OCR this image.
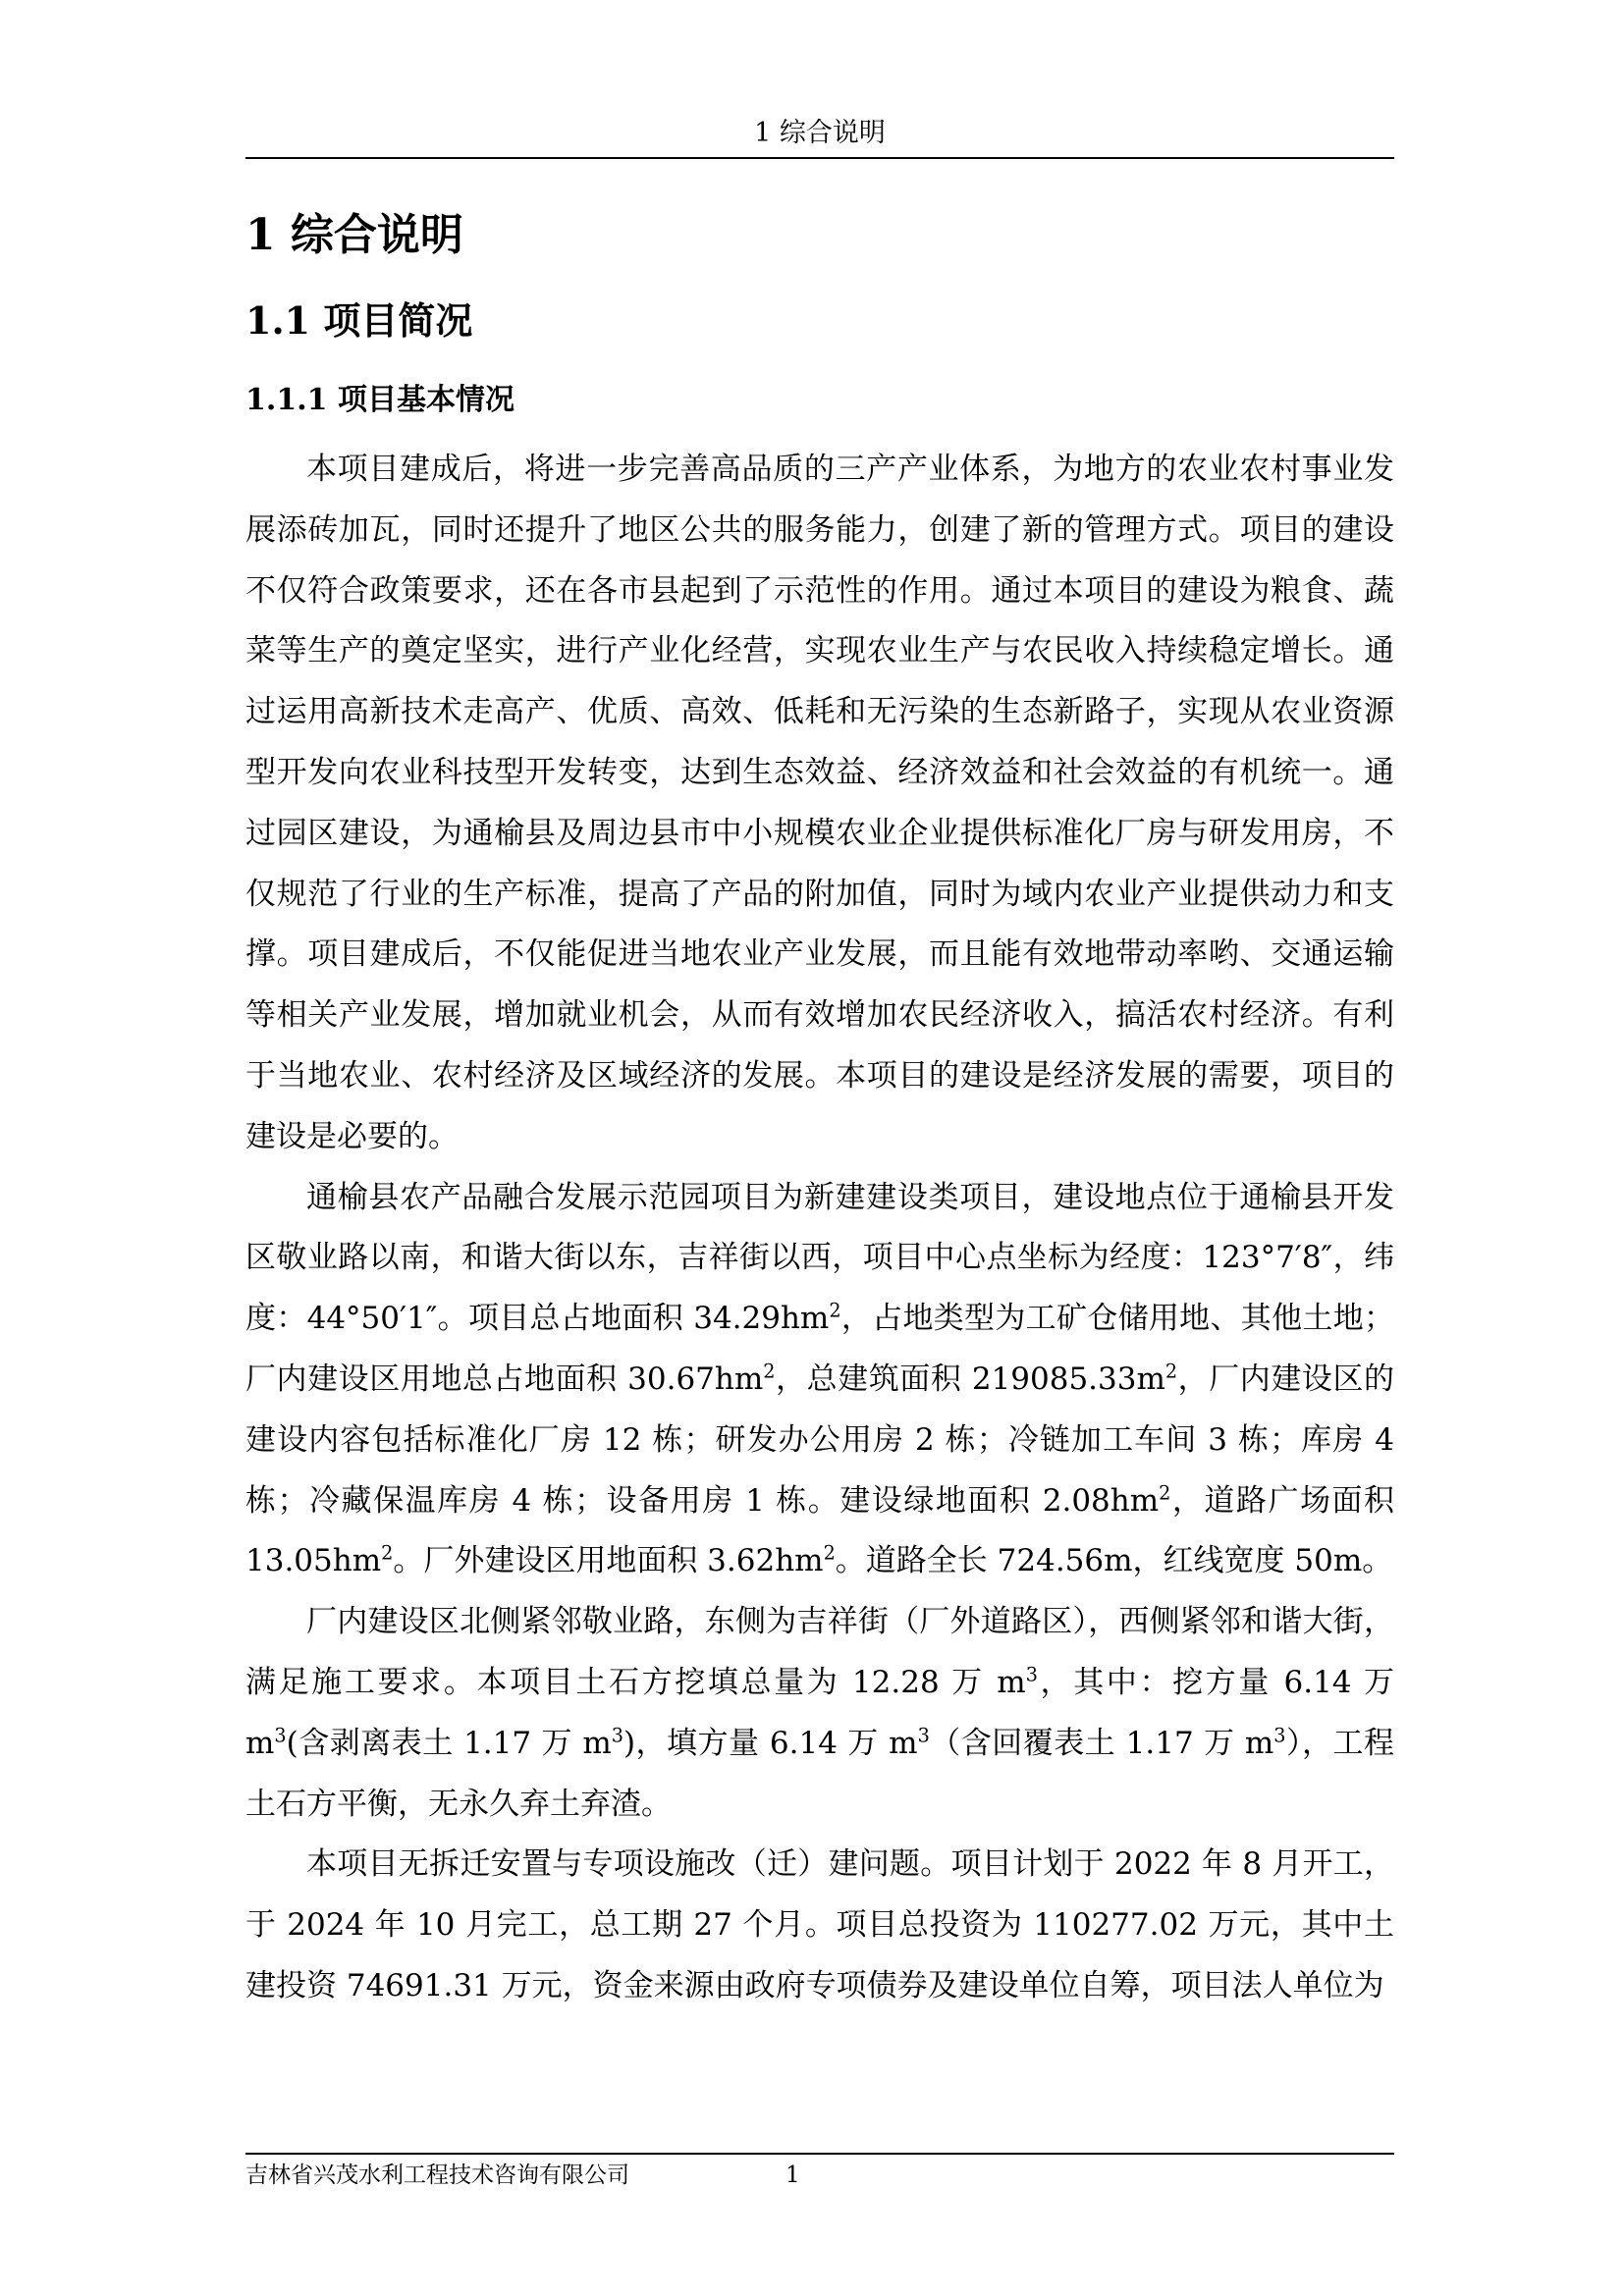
1 综合说明
1 综合说明
1.1 项目简况
1.1.1 项目基本情况

本项目建成后，将进一步完善高品质的三产产业体系，为地方的农业农村事业发展添砖加瓦，同时还提升了地区公共的服务能力，创建了新的管理方式。项目的建设不仅符合政策要求，还在各市县起到了示范性的作用。通过本项目的建设为粮食、蔬菜等生产的奠定坚实，进行产业化经营，实现农业生产与农民收入持续稳定增长。通过运用高新技术走高产、优质、高效、低耗和无污染的生态新路子，实现从农业资源型开发向农业科技型开发转变，达到生态效益、经济效益和社会效益的有机统一。通过园区建设，为通榆县及周边县市中小规模农业企业提供标准化厂房与研发用房，不仅规范了行业的生产标准，提高了产品的附加值，同时为域内农业产业提供动力和支撑。项目建成后，不仅能促进当地农业产业发展，而且能有效地带动率哟、交通运输等相关产业发展，增加就业机会，从而有效增加农民经济收入，搞活农村经济。有利于当地农业、农村经济及区域经济的发展。本项目的建设是经济发展的需要，项目的建设是必要的。

通榆县农产品融合发展示范园项目为新建建设类项目，建设地点位于通榆县开发区敬业路以南，和谐大街以东，吉祥街以西，项目中心点坐标为经度：123°7′8″，纬度：44°50′1″。项目总占地面积 $34.29hm^2$，占地类型为工矿仓储用地、其他土地；厂内建设区用地总占地面积 $30.67hm^2$，总建筑面积 $219085.33m^2$，厂内建设区的建设内容包括标准化厂房 12 栋；研发办公用房 2 栋；冷链加工车间 3 栋；库房 4 栋；冷藏保温库房 4 栋；设备用房 1 栋。建设绿地面积 $2.08hm^2$，道路广场面积 $13.05hm^2$。厂外建设区用地面积 $3.62hm^2$。道路全长 724.56m，红线宽度 50m。

厂内建设区北侧紧邻敬业路，东侧为吉祥街（厂外道路区），西侧紧邻和谐大街，满足施工要求。本项目土石方挖填总量为 12.28 万 $m^3$，其中：挖方量 6.14 万 $m^3$(含剥离表土 1.17 万 $m^3$)，填方量 6.14 万 $m^3$（含回覆表土 1.17 万 $m^3$），工程土石方平衡，无永久弃土弃渣。

本项目无拆迁安置与专项设施改（迁）建问题。项目计划于 2022 年 8 月开工，于 2024 年 10 月完工，总工期 27 个月。项目总投资为 110277.02 万元，其中土建投资 74691.31 万元，资金来源由政府专项债券及建设单位自筹，项目法人单位为

吉林省兴茂水利工程技术咨询有限公司	1
